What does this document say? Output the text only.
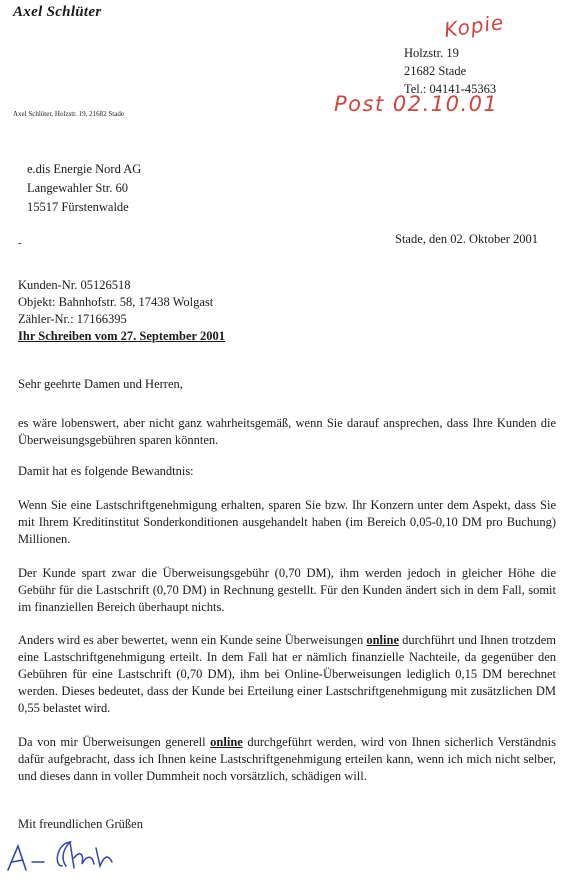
Axel Schlüter	Kopie
Holzstr. 19
21682 Stade
Tel.: 04141-45363
Post 02.10.01
Axel Schlüter, Holzstr. 19, 21682 Stade
e.dis Energie Nord AG
Langewahler Str. 60
15517 Fürstenwalde
-	Stade, den 02. Oktober 2001
Kunden-Nr. 05126518
Objekt: Bahnhofstr. 58, 17438 Wolgast
Zähler-Nr.: 17166395
Ihr Schreiben vom 27. September 2001
Sehr geehrte Damen und Herren,
es wäre lobenswert, aber nicht ganz wahrheitsgemäß, wenn Sie darauf ansprechen, dass Ihre Kunden die Überweisungsgebühren sparen könnten.
Damit hat es folgende Bewandtnis:
Wenn Sie eine Lastschriftgenehmigung erhalten, sparen Sie bzw. Ihr Konzern unter dem Aspekt, dass Sie mit Ihrem Kreditinstitut Sonderkonditionen ausgehandelt haben (im Bereich 0,05-0,10 DM pro Buchung) Millionen.
Der Kunde spart zwar die Überweisungsgebühr (0,70 DM), ihm werden jedoch in gleicher Höhe die Gebühr für die Lastschrift (0,70 DM) in Rechnung gestellt. Für den Kunden ändert sich in dem Fall, somit im finanziellen Bereich überhaupt nichts.
Anders wird es aber bewertet, wenn ein Kunde seine Überweisungen online durchführt und Ihnen trotzdem eine Lastschriftgenehmigung erteilt. In dem Fall hat er nämlich finanzielle Nachteile, da gegenüber den Gebühren für eine Lastschrift (0,70 DM), ihm bei Online-Überweisungen lediglich 0,15 DM berechnet werden. Dieses bedeutet, dass der Kunde bei Erteilung einer Lastschriftgenehmigung mit zusätzlichen DM 0,55 belastet wird.
Da von mir Überweisungen generell online durchgeführt werden, wird von Ihnen sicherlich Verständnis dafür aufgebracht, dass ich Ihnen keine Lastschriftgenehmigung erteilen kann, wenn ich mich nicht selber, und dieses dann in voller Dummheit noch vorsätzlich, schädigen will.
Mit freundlichen Grüßen
